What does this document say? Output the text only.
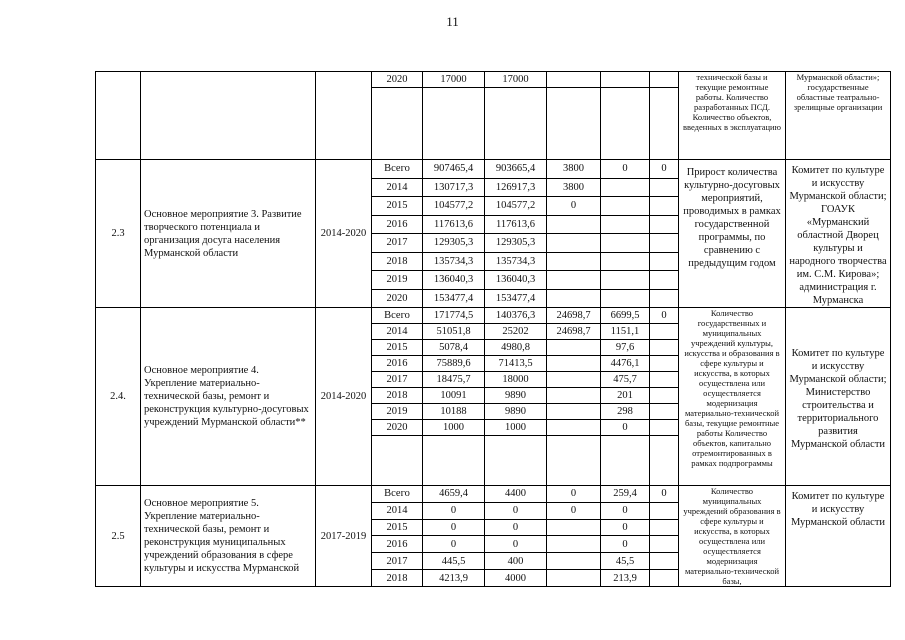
11
			2020	17000	17000				технической базы и текущие ремонтные работы. Количество разработанных ПСД. Количество объектов, введенных в эксплуатацию	Мурманской области»; государственные областные театрально-зрелищные организации

2.3	Основное мероприятие 3. Развитие творческого потенциала и организация досуга населения Мурманской области	2014-2020	Всего	907465,4	903665,4	3800	0	0	Прирост количества культурно-досуговых мероприятий, проводимых в рамках государственной программы, по сравнению с предыдущим годом	Комитет по культуре и искусству Мурманской области; ГОАУК «Мурманский областной Дворец культуры и народного творчества им. С.М. Кирова»; администрация г. Мурманска
			2014	130717,3	126917,3	3800				
			2015	104577,2	104577,2	0				
			2016	117613,6	117613,6					
			2017	129305,3	129305,3					
			2018	135734,3	135734,3					
			2019	136040,3	136040,3					
			2020	153477,4	153477,4					
2.4.	Основное мероприятие 4. Укрепление материально-технической базы, ремонт и реконструкция культурно-досуговых учреждений Мурманской области**	2014-2020	Всего	171774,5	140376,3	24698,7	6699,5	0	Количество государственных и муниципальных учреждений культуры, искусства и образования в сфере культуры и искусства, в которых осуществлена или осуществляется модернизация материально-технической базы, текущие ремонтные работы Количество объектов, капитально отремонтированных в рамках подпрограммы	Комитет по культуре и искусству Мурманской области; Министерство строительства и территориального развития Мурманской области
			2014	51051,8	25202	24698,7	1151,1			
			2015	5078,4	4980,8		97,6			
			2016	75889,6	71413,5		4476,1			
			2017	18475,7	18000		475,7			
			2018	10091	9890		201			
			2019	10188	9890		298			
			2020	1000	1000		0			

2.5	Основное мероприятие 5. Укрепление материально-технической базы, ремонт и реконструкция муниципальных учреждений образования в сфере культуры и искусства Мурманской	2017-2019	Всего	4659,4	4400	0	259,4	0	Количество муниципальных учреждений образования в сфере культуры и искусства, в которых осуществлена или осуществляется модернизация материально-технической базы,	Комитет по культуре и искусству Мурманской области
			2014	0	0	0	0			
			2015	0	0		0			
			2016	0	0		0			
			2017	445,5	400		45,5			
			2018	4213,9	4000		213,9			
